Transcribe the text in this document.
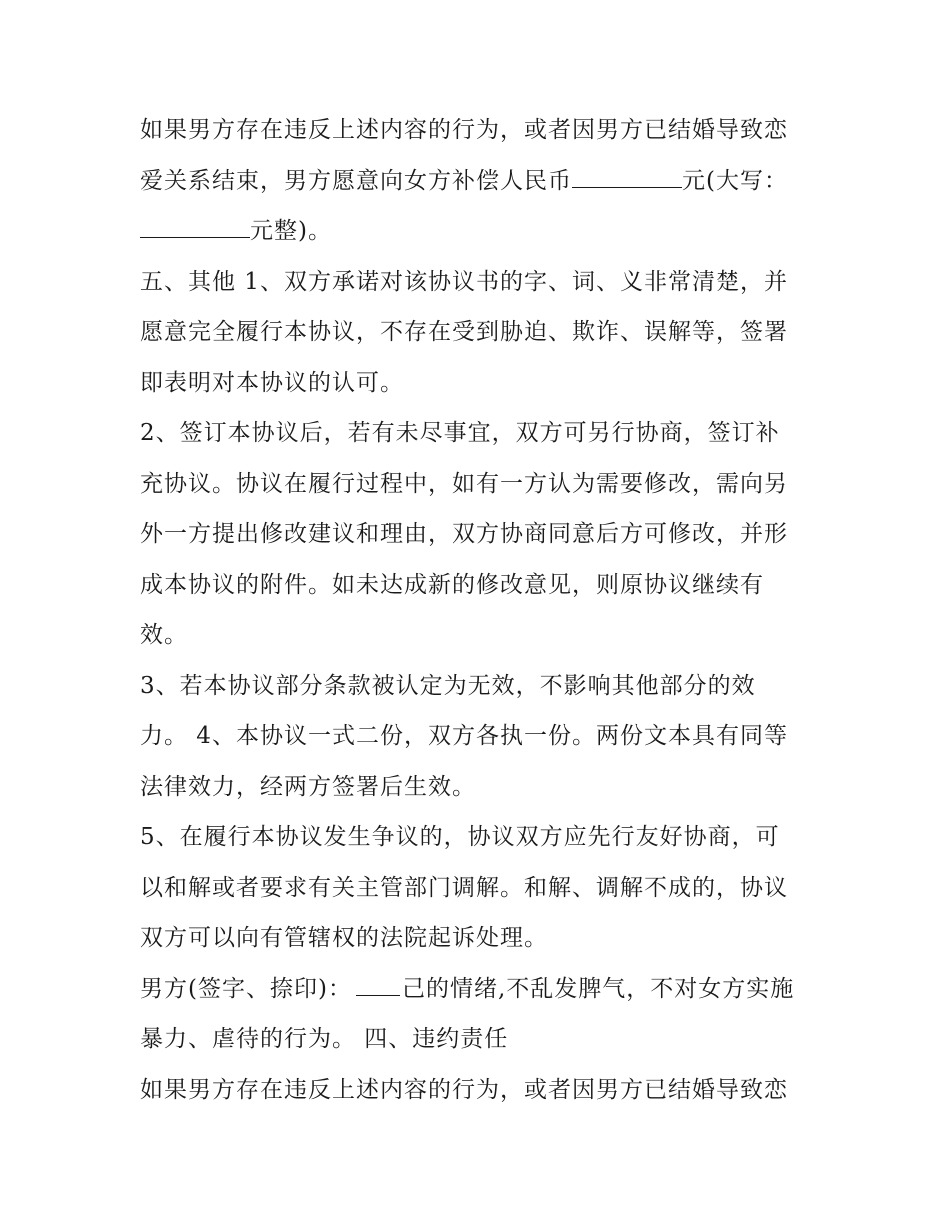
如果男方存在违反上述内容的行为，或者因男方已结婚导致恋
爱关系结束，男方愿意向女方补偿人民币	元(大写：
元整)。
五、其他 1、双方承诺对该协议书的字、词、义非常清楚，并
愿意完全履行本协议，不存在受到胁迫、欺诈、误解等，签署
即表明对本协议的认可。
2、签订本协议后，若有未尽事宜，双方可另行协商，签订补
充协议。协议在履行过程中，如有一方认为需要修改，需向另
外一方提出修改建议和理由，双方协商同意后方可修改，并形
成本协议的附件。如未达成新的修改意见，则原协议继续有
效。
3、若本协议部分条款被认定为无效，不影响其他部分的效
力。 4、本协议一式二份，双方各执一份。两份文本具有同等
法律效力，经两方签署后生效。
5、在履行本协议发生争议的，协议双方应先行友好协商，可
以和解或者要求有关主管部门调解。和解、调解不成的，协议
双方可以向有管辖权的法院起诉处理。
男方(签字、捺印)： 己的情绪,不乱发脾气，不对女方实施
暴力、虐待的行为。 四、违约责任
如果男方存在违反上述内容的行为，或者因男方已结婚导致恋
